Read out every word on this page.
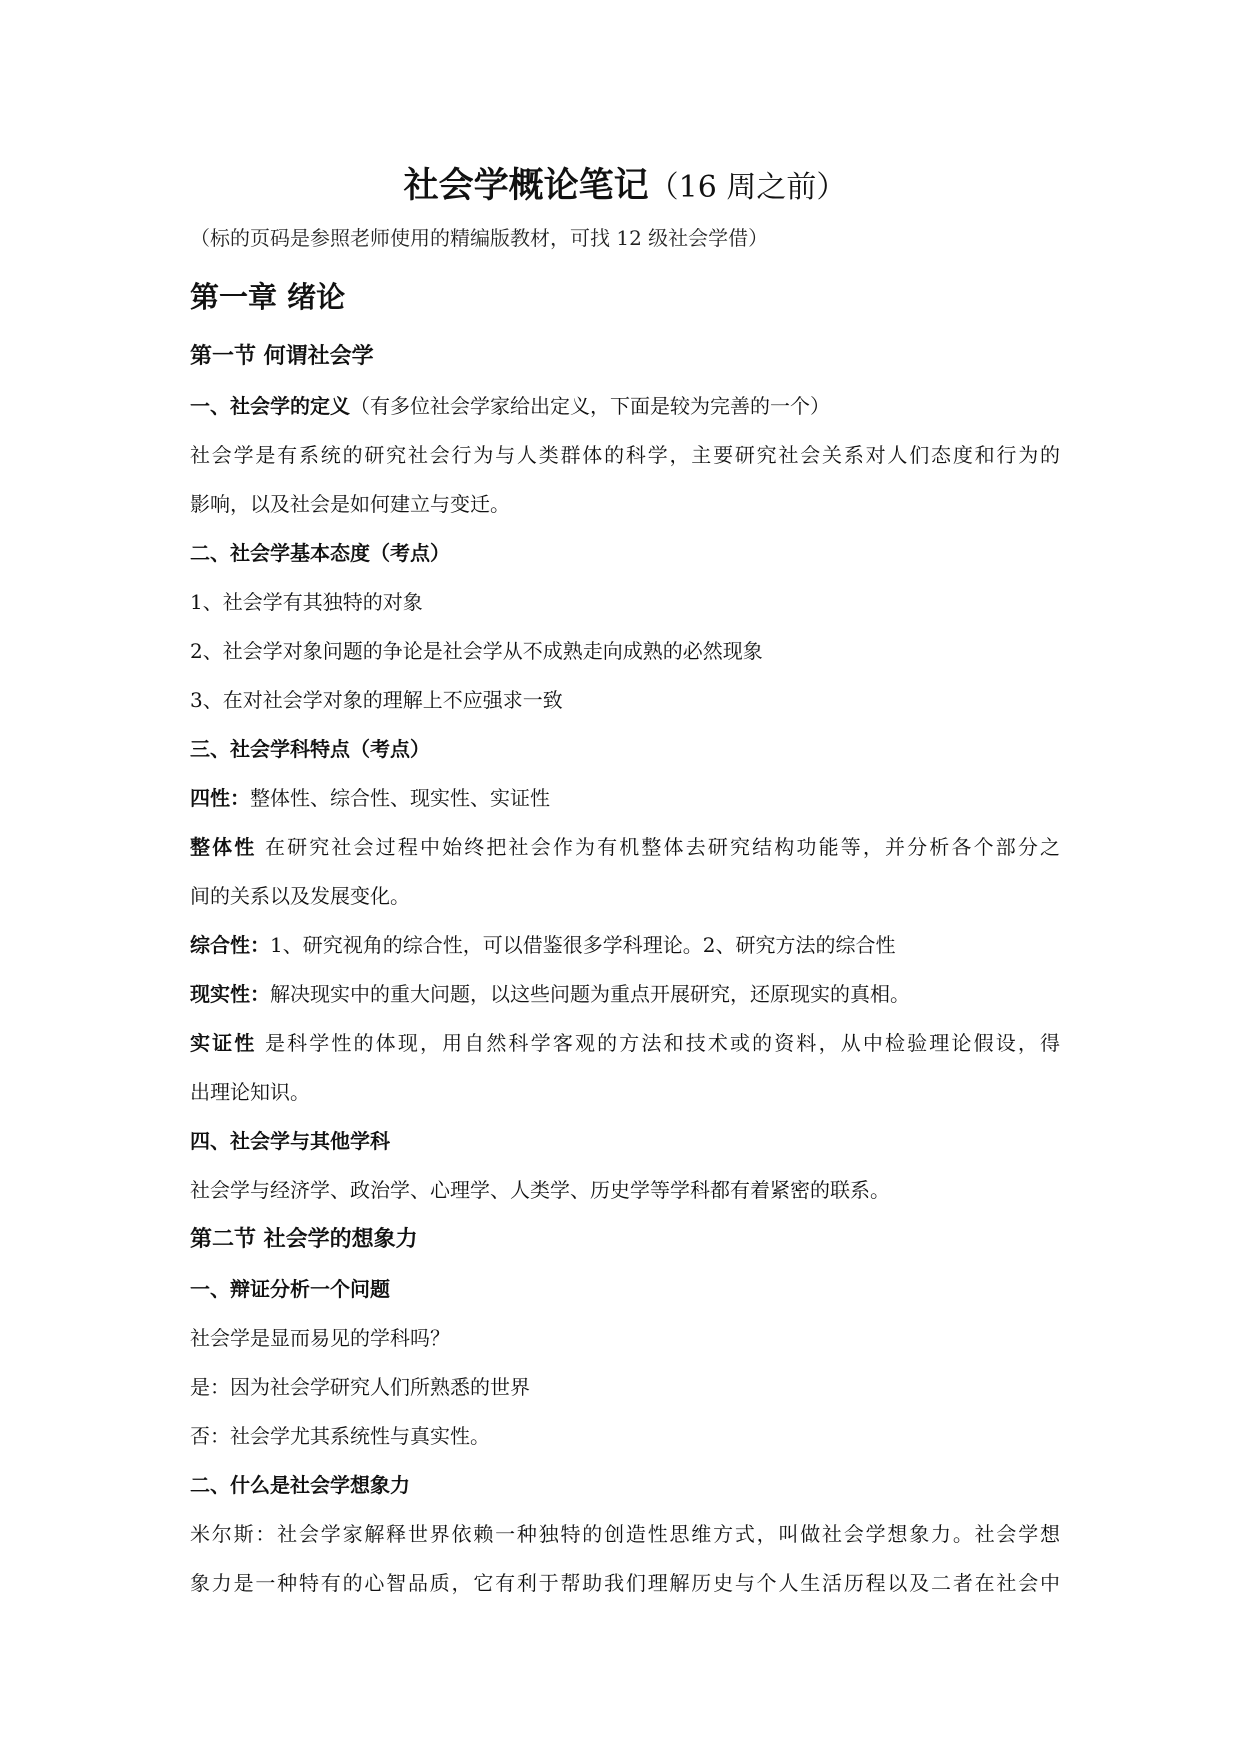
社会学概论笔记（16 周之前）
（标的页码是参照老师使用的精编版教材，可找 12 级社会学借）
第一章 绪论
第一节 何谓社会学
一、社会学的定义（有多位社会学家给出定义，下面是较为完善的一个）
社会学是有系统的研究社会行为与人类群体的科学，主要研究社会关系对人们态度和行为的
影响，以及社会是如何建立与变迁。
二、社会学基本态度（考点）
1、社会学有其独特的对象
2、社会学对象问题的争论是社会学从不成熟走向成熟的必然现象
3、在对社会学对象的理解上不应强求一致
三、社会学科特点（考点）
四性：整体性、综合性、现实性、实证性
整体性 在研究社会过程中始终把社会作为有机整体去研究结构功能等，并分析各个部分之
间的关系以及发展变化。
综合性：1、研究视角的综合性，可以借鉴很多学科理论。2、研究方法的综合性
现实性：解决现实中的重大问题，以这些问题为重点开展研究，还原现实的真相。
实证性 是科学性的体现，用自然科学客观的方法和技术或的资料，从中检验理论假设，得
出理论知识。
四、社会学与其他学科
社会学与经济学、政治学、心理学、人类学、历史学等学科都有着紧密的联系。
第二节 社会学的想象力
一、辩证分析一个问题
社会学是显而易见的学科吗？
是：因为社会学研究人们所熟悉的世界
否：社会学尤其系统性与真实性。
二、什么是社会学想象力
米尔斯：社会学家解释世界依赖一种独特的创造性思维方式，叫做社会学想象力。社会学想
象力是一种特有的心智品质，它有利于帮助我们理解历史与个人生活历程以及二者在社会中
